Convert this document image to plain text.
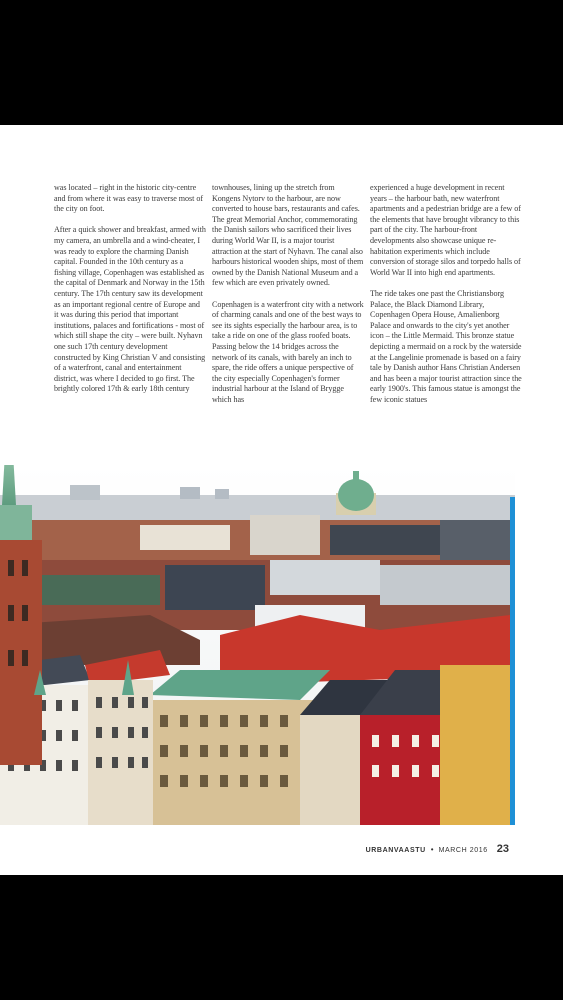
was located – right in the historic city-centre and from where it was easy to traverse most of the city on foot.

After a quick shower and breakfast, armed with my camera, an umbrella and a wind-cheater, I was ready to explore the charming Danish capital. Founded in the 10th century as a fishing village, Copenhagen was established as the capital of Denmark and Norway in the 15th century. The 17th century saw its development as an important regional centre of Europe and it was during this period that important institutions, palaces and fortifications - most of which still shape the city – were built. Nyhavn one such 17th century development constructed by King Christian V and consisting of a waterfront, canal and entertainment district, was where I decided to go first. The brightly colored 17th & early 18th century

townhouses, lining up the stretch from Kongens Nytorv to the harbour, are now converted to house bars, restaurants and cafes. The great Memorial Anchor, commemorating the Danish sailors who sacrificed their lives during World War II, is a major tourist attraction at the start of Nyhavn. The canal also harbours historical wooden ships, most of them owned by the Danish National Museum and a few which are even privately owned.

Copenhagen is a waterfront city with a network of charming canals and one of the best ways to see its sights especially the harbour area, is to take a ride on one of the glass roofed boats. Passing below the 14 bridges across the network of its canals, with barely an inch to spare, the ride offers a unique perspective of the city especially Copenhagen's former industrial harbour at the Island of Brygge which has

experienced a huge development in recent years – the harbour bath, new waterfront apartments and a pedestrian bridge are a few of the elements that have brought vibrancy to this part of the city. The harbour-front developments also showcase unique re-habitation experiments which include conversion of storage silos and torpedo halls of World War II into high end apartments.

The ride takes one past the Christiansborg Palace, the Black Diamond Library, Copenhagen Opera House, Amalienborg Palace and onwards to the city's yet another icon – the Little Mermaid. This bronze statue depicting a mermaid on a rock by the waterside at the Langelinie promenade is based on a fairy tale by Danish author Hans Christian Andersen and has been a major tourist attraction since the early 1900's. This famous statue is amongst the few iconic statues

URBANVAASTU • MARCH 2016 23
